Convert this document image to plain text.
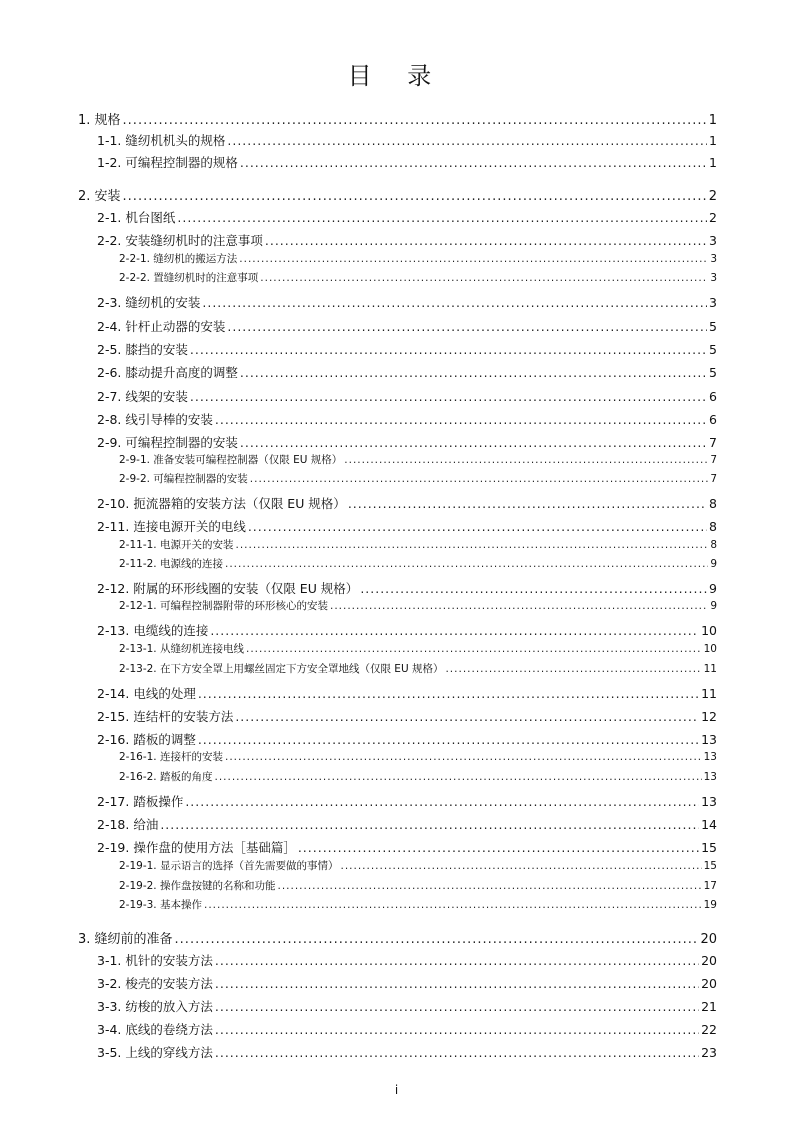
目 录
1. 规格 .....	1
1-1. 缝纫机机头的规格 .....	1
1-2. 可编程控制器的规格 .....	1
2. 安装 .....	2
2-1. 机台图纸 .....	2
2-2. 安装缝纫机时的注意事项 .....	3
2-2-1. 缝纫机的搬运方法 .....	3
2-2-2. 置缝纫机时的注意事项 .....	3
2-3. 缝纫机的安装 .....	3
2-4. 针杆止动器的安装 .....	5
2-5. 膝挡的安装 .....	5
2-6. 膝动提升高度的调整 .....	5
2-7. 线架的安装 .....	6
2-8. 线引导棒的安装 .....	6
2-9. 可编程控制器的安装 .....	7
2-9-1. 准备安装可编程控制器（仅限 EU 规格） .....	7
2-9-2. 可编程控制器的安装 .....	7
2-10. 扼流器箱的安装方法（仅限 EU 规格） .....	8
2-11. 连接电源开关的电线 .....	8
2-11-1. 电源开关的安装 .....	8
2-11-2. 电源线的连接 .....	9
2-12. 附属的环形线圈的安装（仅限 EU 规格） .....	9
2-12-1. 可编程控制器附带的环形核心的安装 .....	9
2-13. 电缆线的连接 .....	10
2-13-1. 从缝纫机连接电线 .....	10
2-13-2. 在下方安全罩上用螺丝固定下方安全罩地线（仅限 EU 规格） .....	11
2-14. 电线的处理 .....	11
2-15. 连结杆的安装方法 .....	12
2-16. 踏板的调整 .....	13
2-16-1. 连接杆的安装 .....	13
2-16-2. 踏板的角度 .....	13
2-17. 踏板操作 .....	13
2-18. 给油 .....	14
2-19. 操作盘的使用方法［基础篇］ .....	15
2-19-1. 显示语言的选择（首先需要做的事情） .....	15
2-19-2. 操作盘按键的名称和功能 .....	17
2-19-3. 基本操作 .....	19
3. 缝纫前的准备 .....	20
3-1. 机针的安装方法 .....	20
3-2. 梭壳的安装方法 .....	20
3-3. 纺梭的放入方法 .....	21
3-4. 底线的卷绕方法 .....	22
3-5. 上线的穿线方法 .....	23
i
